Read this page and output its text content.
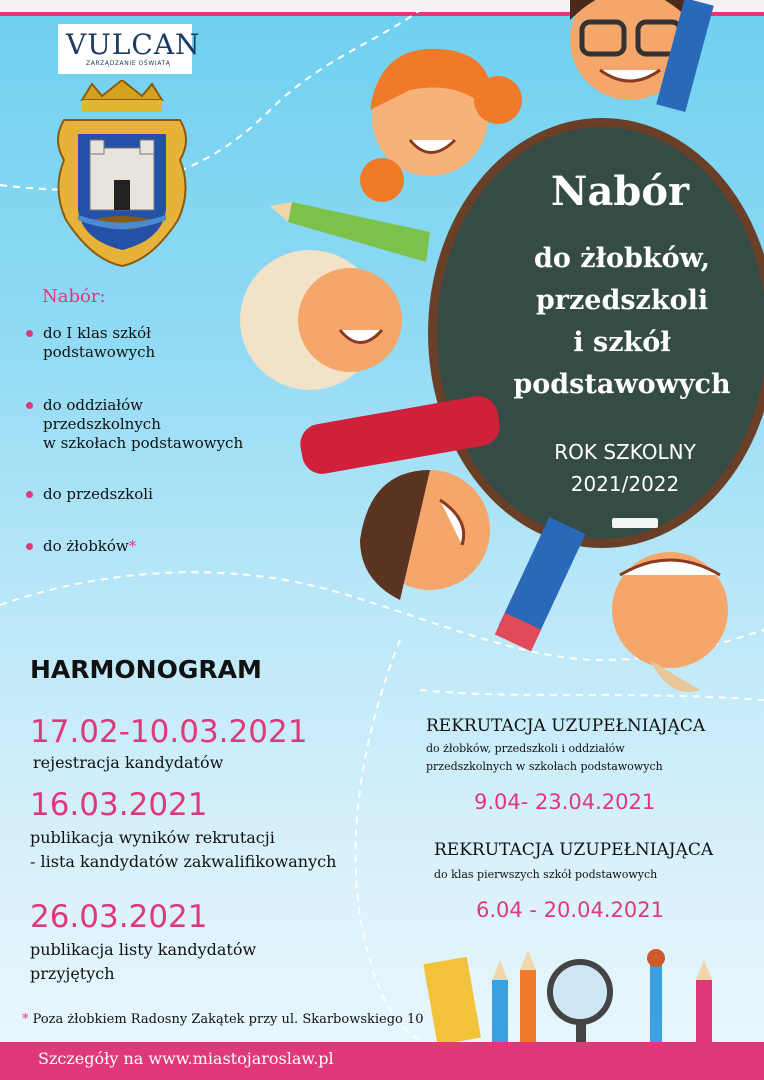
VULCAN
ZARZĄDZANIE OŚWIATĄ
Nabór
do żłobków,
przedszkoli
i szkół
podstawowych
ROK SZKOLNY
2021/2022
Nabór:
do I klas szkół
podstawowych
do oddziałów
przedszkolnych
w szkołach podstawowych
do przedszkoli
do żłobków*
HARMONOGRAM
17.02-10.03.2021
rejestracja kandydatów
16.03.2021
publikacja wyników rekrutacji
- lista kandydatów zakwalifikowanych
26.03.2021
publikacja listy kandydatów
przyjętych
REKRUTACJA UZUPEŁNIAJĄCA
do żłobków, przedszkoli i oddziałów
przedszkolnych w szkołach podstawowych
9.04- 23.04.2021
REKRUTACJA UZUPEŁNIAJĄCA
do klas pierwszych szkół podstawowych
6.04 - 20.04.2021
* Poza żłobkiem Radosny Zakątek przy ul. Skarbowskiego 10
Szczegóły na www.miastojaroslaw.pl
